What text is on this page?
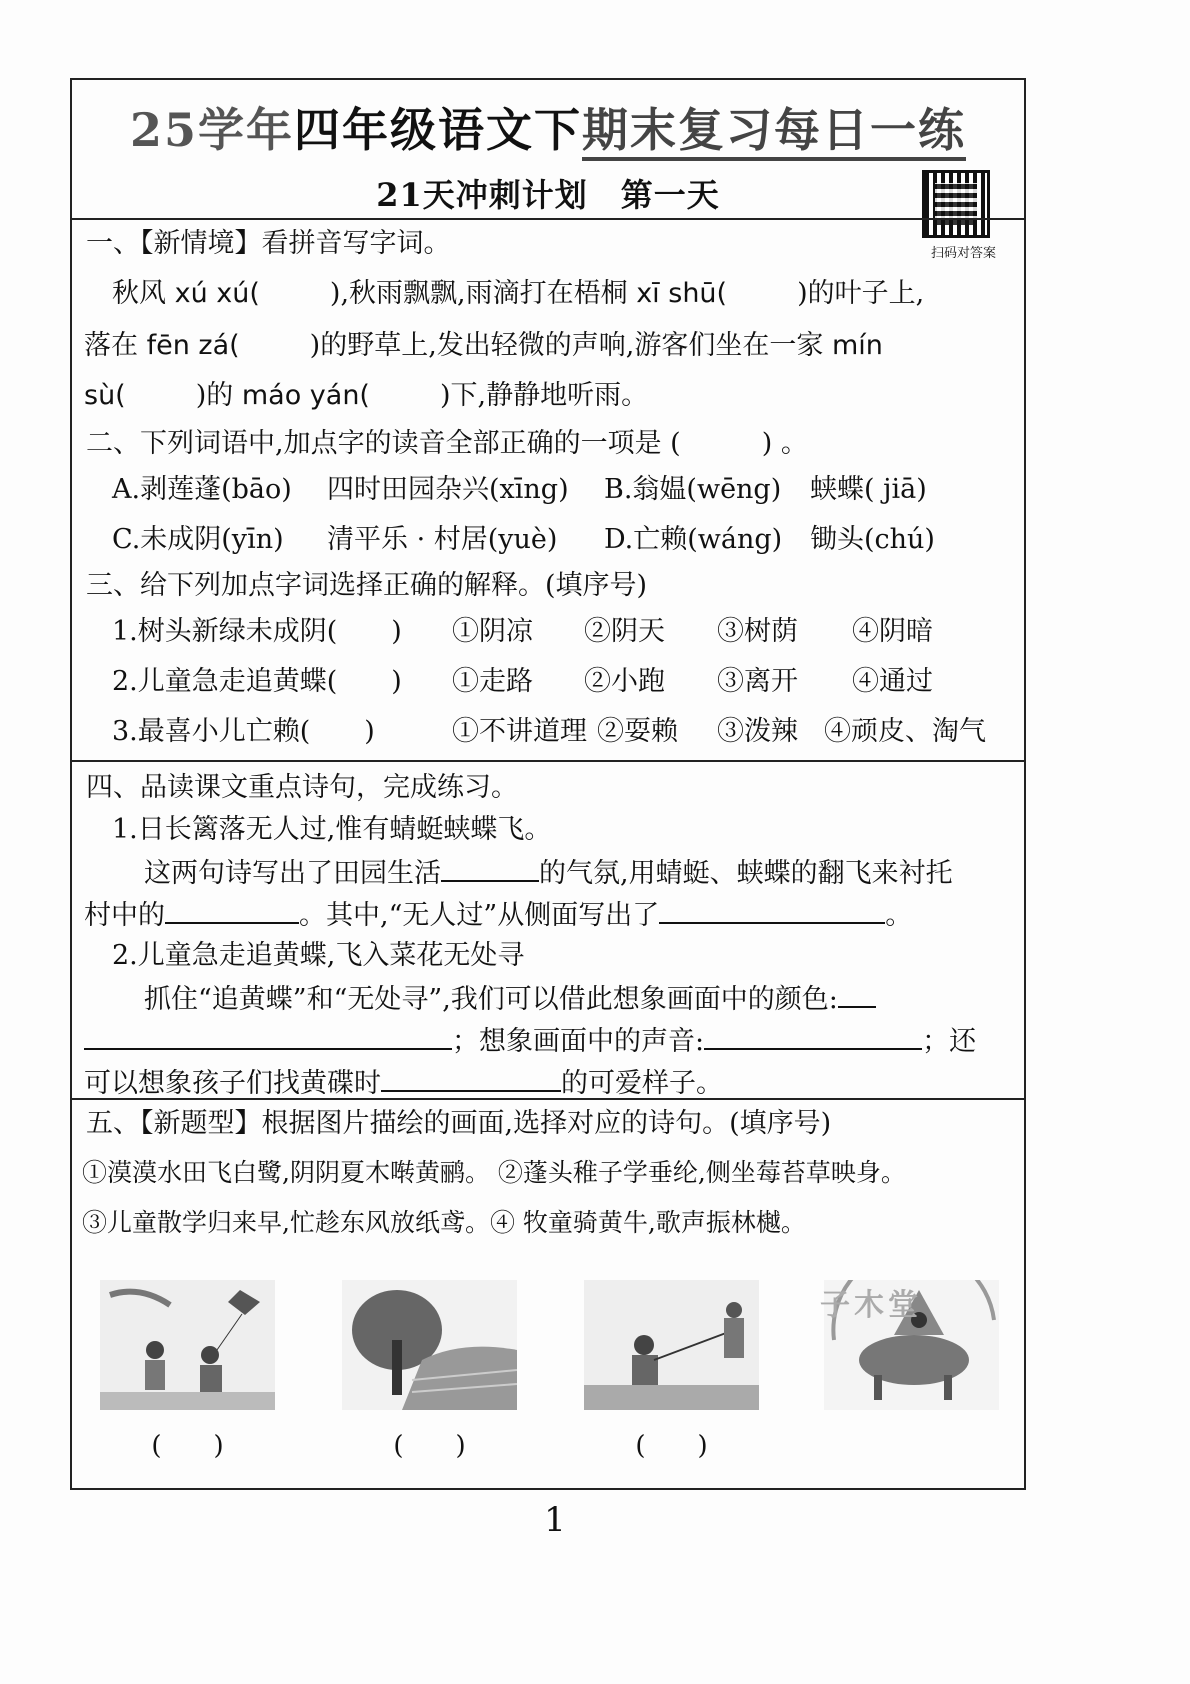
25学年四年级语文下期末复习每日一练
21天冲刺计划　第一天
扫码对答案
一、【新情境】看拼音写字词。
秋风 xú xú(	),秋雨飘飘,雨滴打在梧桐 xī shū(	)的叶子上,
落在 fēn zá(	)的野草上,发出轻微的声响,游客们坐在一家 mín
sù(	)的 máo yán(	)下,静静地听雨。
二、下列词语中,加点字的读音全部正确的一项是 (　　　) 。
A.剥莲蓬(bāo) 四时田园杂兴(xīng) B.翁媪(wēng) 蛱蝶( jiā)
C.未成阴(yīn) 清平乐 · 村居(yuè) D.亡赖(wáng) 锄头(chú)
三、给下列加点字词选择正确的解释。(填序号)
1.树头新绿未成阴(　　) ①阴凉 ②阴天 ③树荫 ④阴暗
2.儿童急走追黄蝶(　　) ①走路 ②小跑 ③离开 ④通过
3.最喜小儿亡赖(　　)	①不讲道理 ②耍赖 ③泼辣 ④顽皮、淘气
四、品读课文重点诗句，完成练习。
1.日长篱落无人过,惟有蜻蜓蛱蝶飞。
这两句诗写出了田园生活	的气氛,用蜻蜓、蛱蝶的翻飞来衬托
村中的	。其中,“无人过”从侧面写出了	。
2.儿童急走追黄蝶,飞入菜花无处寻
抓住“追黄蝶”和“无处寻”,我们可以借此想象画面中的颜色:
；想象画面中的声音:	；还
可以想象孩子们找黄碟时	的可爱样子。
五、【新题型】根据图片描绘的画面,选择对应的诗句。(填序号)
①漠漠水田飞白鹭,阴阴夏木啭黄鹂。 ②蓬头稚子学垂纶,侧坐莓苔草映身。
③儿童散学归来早,忙趁东风放纸鸢。④ 牧童骑黄牛,歌声振林樾。
(　　)	(　　)	(　　)
子木堂
1
